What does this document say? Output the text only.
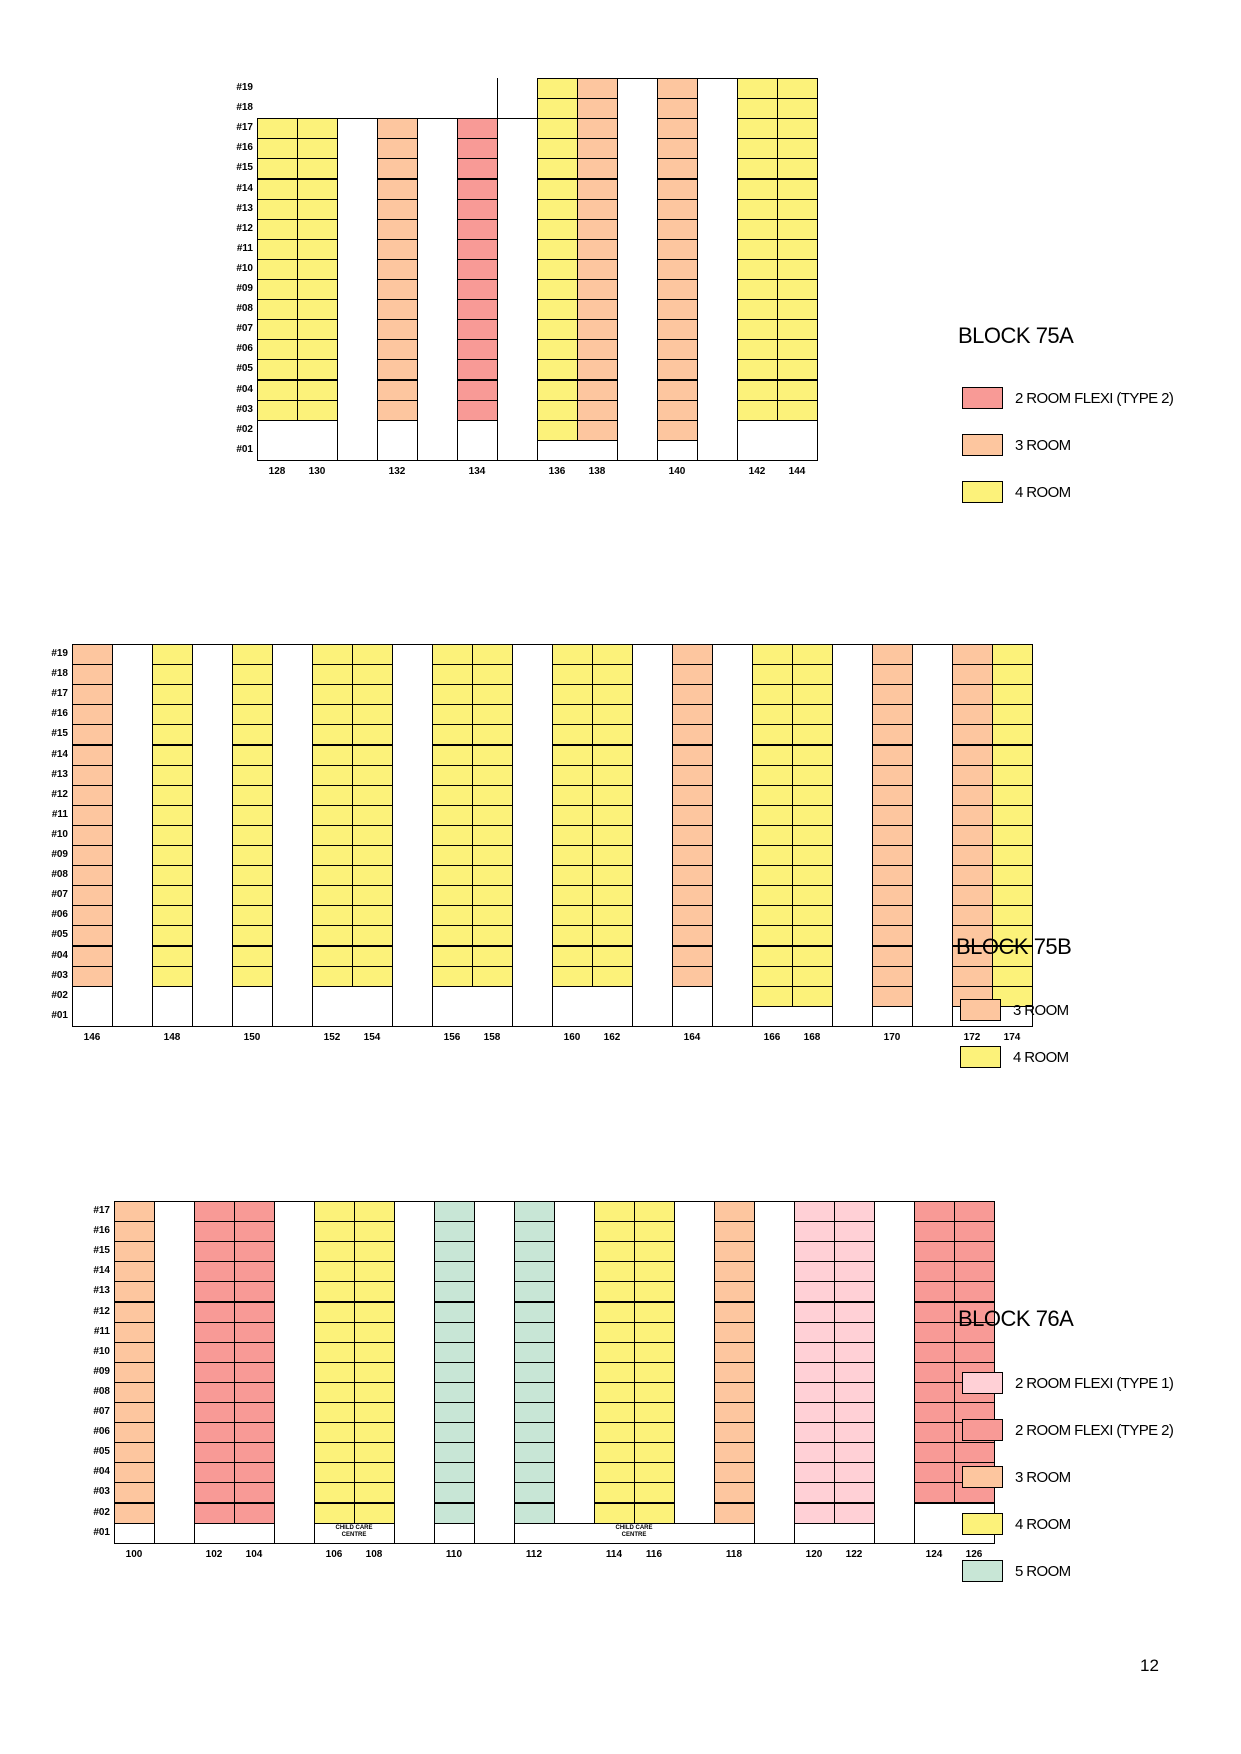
#19
#18
#17
#16
#15
#14
#13
#12
#11
#10
#09
#08
#07
#06
#05
#04
#03
#02
#01
128	130	132	134	136	138	140	142	144
BLOCK 75A
2 ROOM FLEXI (TYPE 2)
3 ROOM
4 ROOM
#19
#18
#17
#16
#15
#14
#13
#12
#11
#10
#09
#08
#07
#06
#05
#04
#03
#02
#01
146	148	150	152	154	156	158	160	162	164	166	168	170	172	174
BLOCK 75B
3 ROOM
4 ROOM
#17
#16
#15
#14
#13
#12
#11
#10
#09
#08
#07
#06
#05
#04
#03
#02
#01
100	102	104	106	108	110	112	114	116	118	120	122	124	126
CHILD CARE CENTRE
CHILD CARE CENTRE
BLOCK 76A
2 ROOM FLEXI (TYPE 1)
2 ROOM FLEXI (TYPE 2)
3 ROOM
4 ROOM
5 ROOM
12
